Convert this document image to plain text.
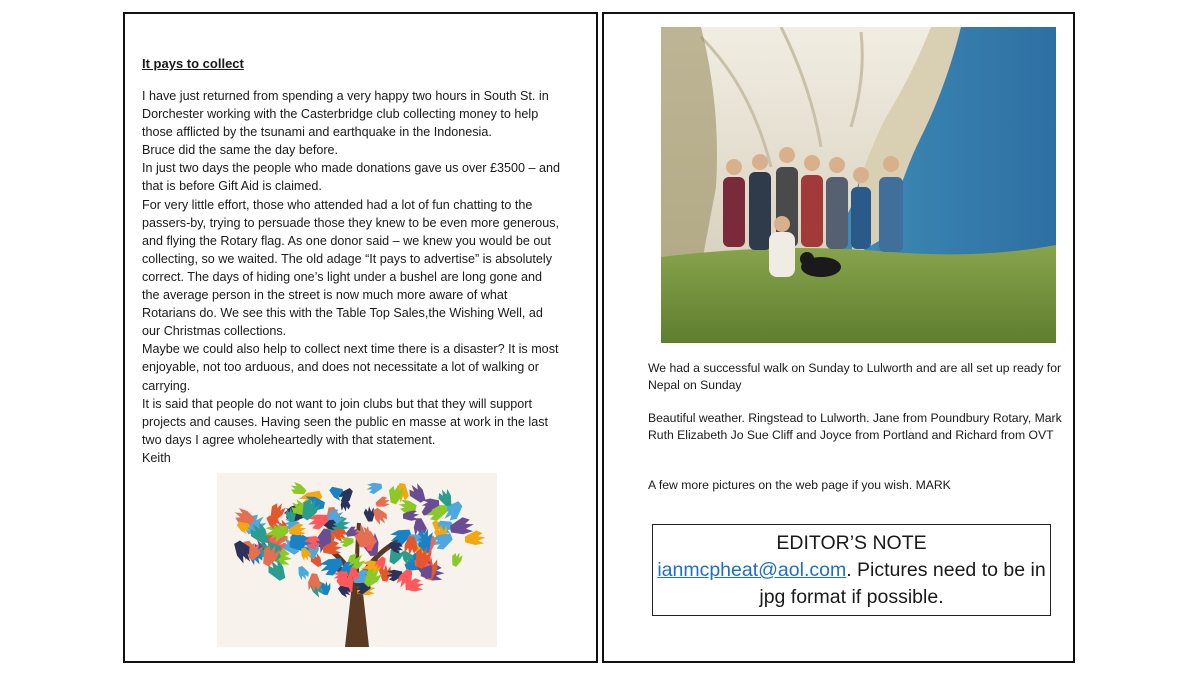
It pays to collect

I have just returned from spending a very happy two hours in South St. in Dorchester working with the Casterbridge club collecting money to help those afflicted by the tsunami and earthquake in the Indonesia.

Bruce did the same the day before.

In just two days the people who made donations gave us over £3500 – and that is before Gift Aid is claimed.

For very little effort, those who attended had a lot of fun chatting to the passers-by, trying to persuade those they knew to be even more generous, and flying the Rotary flag. As one donor said – we knew you would be out collecting, so we waited. The old adage “It pays to advertise” is absolutely correct. The days of hiding one’s light under a bushel are long gone and the average person in the street is now much more aware of what Rotarians do. We see this with the Table Top Sales,the Wishing Well, ad our Christmas collections.

Maybe we could also help to collect next time there is a disaster? It is most enjoyable, not too arduous, and does not necessitate a lot of walking or carrying.

It is said that people do not want to join clubs but that they will support projects and causes. Having seen the public en masse at work in the last two days I agree wholeheartedly with that statement.

Keith

We had a successful walk on Sunday to Lulworth and are all set up ready for Nepal on Sunday

Beautiful weather. Ringstead to Lulworth. Jane from Poundbury Rotary, Mark Ruth Elizabeth Jo Sue Cliff and Joyce from Portland and Richard from OVT

A few more pictures on the web page if you wish. MARK

EDITOR’S NOTE
ianmcpheat@aol.com. Pictures need to be in jpg format if possible.
